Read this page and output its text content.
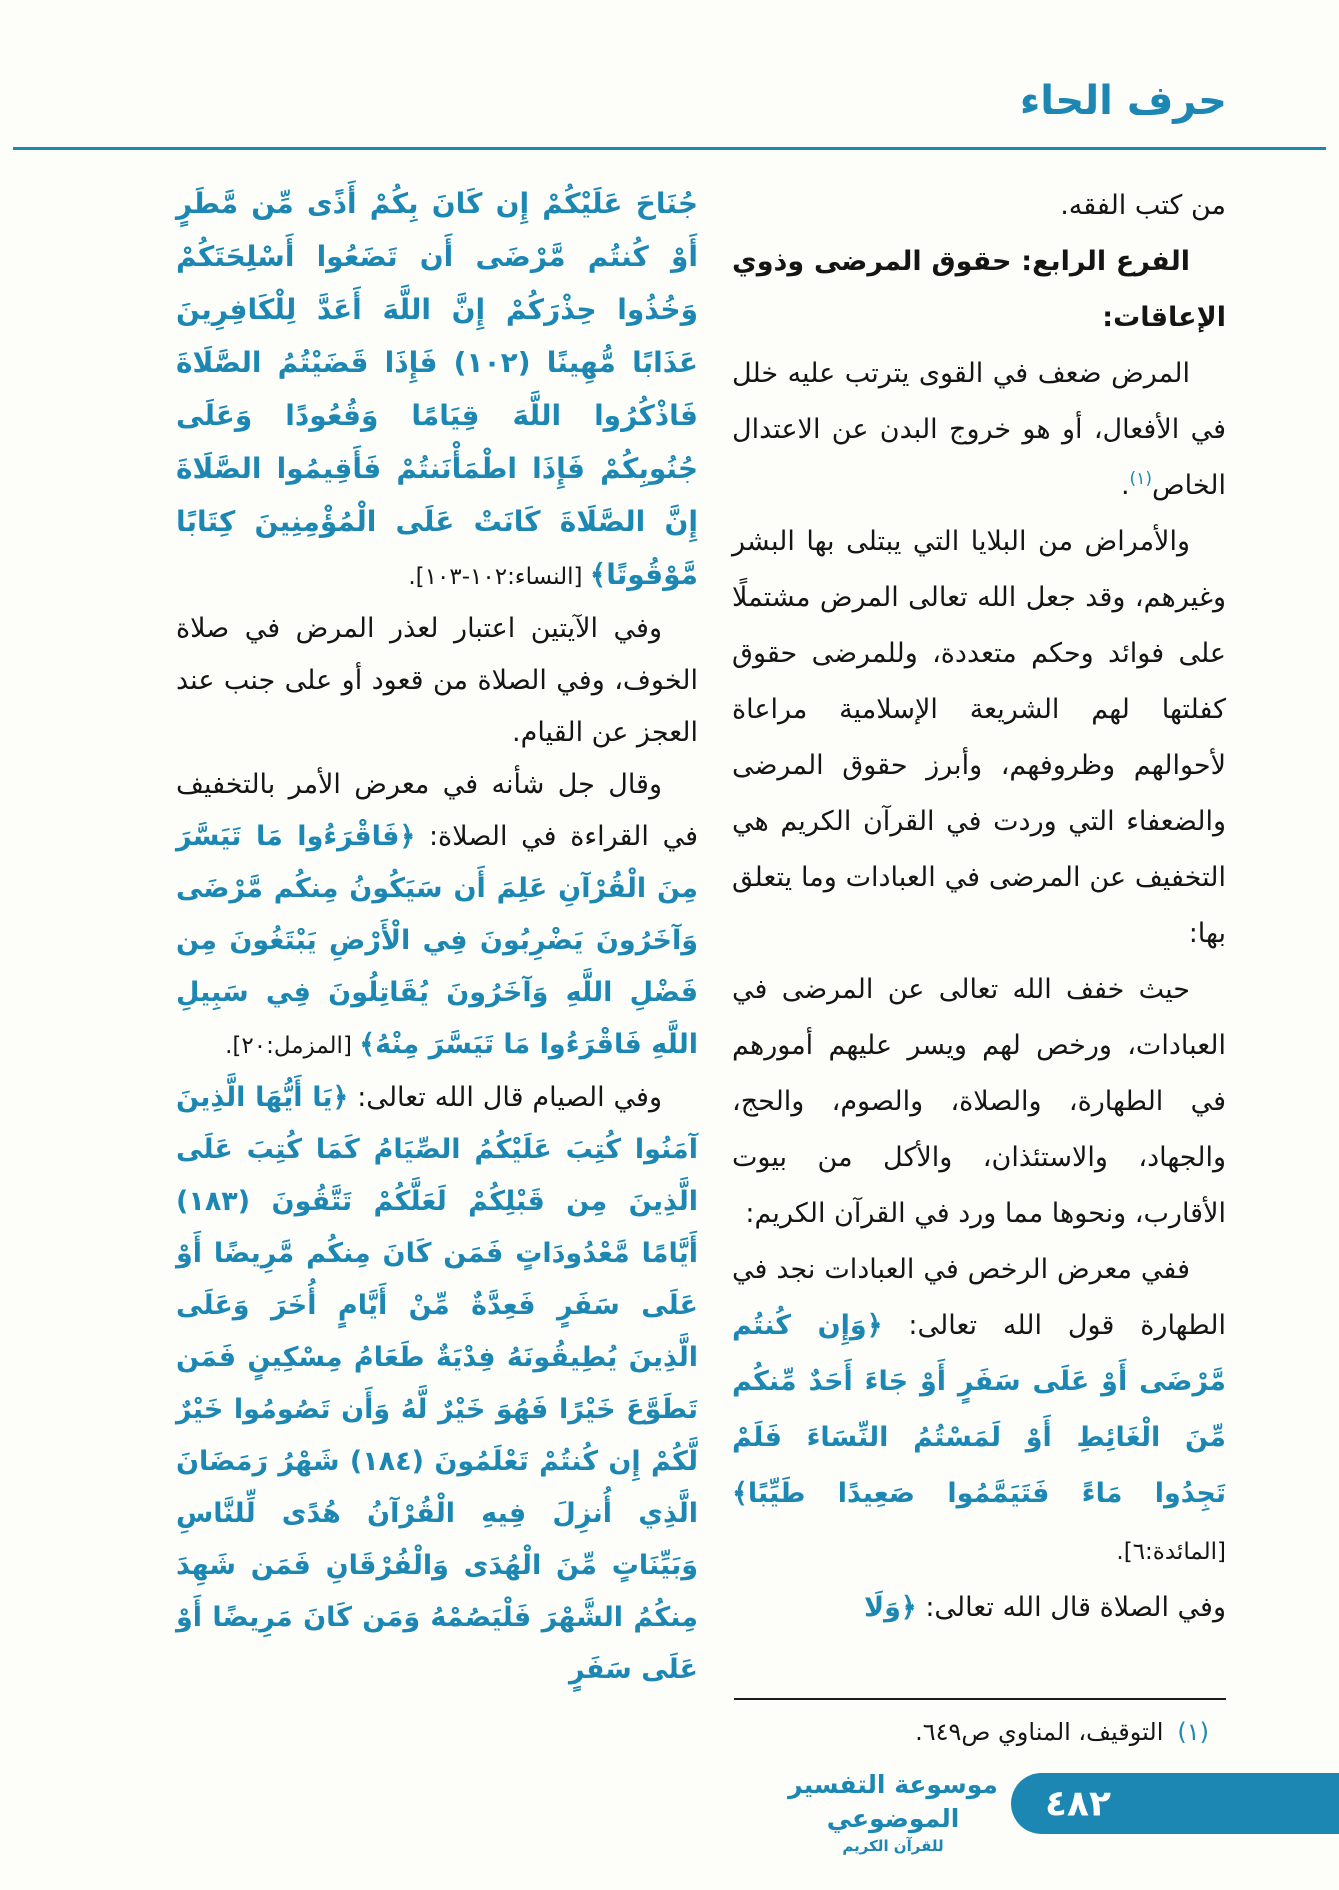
حرف الحاء

من كتب الفقه.

الفرع الرابع: حقوق المرضى وذوي الإعاقات:

المرض ضعف في القوى يترتب عليه خلل في الأفعال، أو هو خروج البدن عن الاعتدال الخاص$^{(١)}$.

والأمراض من البلايا التي يبتلى بها البشر وغيرهم، وقد جعل الله تعالى المرض مشتملًا على فوائد وحكم متعددة، وللمرضى حقوق كفلتها لهم الشريعة الإسلامية مراعاة لأحوالهم وظروفهم، وأبرز حقوق المرضى والضعفاء التي وردت في القرآن الكريم هي التخفيف عن المرضى في العبادات وما يتعلق بها:

حيث خفف الله تعالى عن المرضى في العبادات، ورخص لهم ويسر عليهم أمورهم في الطهارة، والصلاة، والصوم، والحج، والجهاد، والاستئذان، والأكل من بيوت الأقارب، ونحوها مما ورد في القرآن الكريم:

ففي معرض الرخص في العبادات نجد في الطهارة قول الله تعالى: ﴿وَإِن كُنتُم مَّرْضَى أَوْ عَلَى سَفَرٍ أَوْ جَاءَ أَحَدٌ مِّنكُم مِّنَ الْغَائِطِ أَوْ لَمَسْتُمُ النِّسَاءَ فَلَمْ تَجِدُوا مَاءً فَتَيَمَّمُوا صَعِيدًا طَيِّبًا﴾ [المائدة:٦].

وفي الصلاة قال الله تعالى: ﴿وَلَا

جُنَاحَ عَلَيْكُمْ إِن كَانَ بِكُمْ أَذًى مِّن مَّطَرٍ أَوْ كُنتُم مَّرْضَى أَن تَضَعُوا أَسْلِحَتَكُمْ وَخُذُوا حِذْرَكُمْ إِنَّ اللَّهَ أَعَدَّ لِلْكَافِرِينَ عَذَابًا مُّهِينًا (١٠٢) فَإِذَا قَضَيْتُمُ الصَّلَاةَ فَاذْكُرُوا اللَّهَ قِيَامًا وَقُعُودًا وَعَلَى جُنُوبِكُمْ فَإِذَا اطْمَأْنَنتُمْ فَأَقِيمُوا الصَّلَاةَ إِنَّ الصَّلَاةَ كَانَتْ عَلَى الْمُؤْمِنِينَ كِتَابًا مَّوْقُوتًا﴾ [النساء:١٠٢-١٠٣].

وفي الآيتين اعتبار لعذر المرض في صلاة الخوف، وفي الصلاة من قعود أو على جنب عند العجز عن القيام.

وقال جل شأنه في معرض الأمر بالتخفيف في القراءة في الصلاة: ﴿فَاقْرَءُوا مَا تَيَسَّرَ مِنَ الْقُرْآنِ عَلِمَ أَن سَيَكُونُ مِنكُم مَّرْضَى وَآخَرُونَ يَضْرِبُونَ فِي الْأَرْضِ يَبْتَغُونَ مِن فَضْلِ اللَّهِ وَآخَرُونَ يُقَاتِلُونَ فِي سَبِيلِ اللَّهِ فَاقْرَءُوا مَا تَيَسَّرَ مِنْهُ﴾ [المزمل:٢٠].

وفي الصيام قال الله تعالى: ﴿يَا أَيُّهَا الَّذِينَ آمَنُوا كُتِبَ عَلَيْكُمُ الصِّيَامُ كَمَا كُتِبَ عَلَى الَّذِينَ مِن قَبْلِكُمْ لَعَلَّكُمْ تَتَّقُونَ (١٨٣) أَيَّامًا مَّعْدُودَاتٍ فَمَن كَانَ مِنكُم مَّرِيضًا أَوْ عَلَى سَفَرٍ فَعِدَّةٌ مِّنْ أَيَّامٍ أُخَرَ وَعَلَى الَّذِينَ يُطِيقُونَهُ فِدْيَةٌ طَعَامُ مِسْكِينٍ فَمَن تَطَوَّعَ خَيْرًا فَهُوَ خَيْرٌ لَّهُ وَأَن تَصُومُوا خَيْرٌ لَّكُمْ إِن كُنتُمْ تَعْلَمُونَ (١٨٤) شَهْرُ رَمَضَانَ الَّذِي أُنزِلَ فِيهِ الْقُرْآنُ هُدًى لِّلنَّاسِ وَبَيِّنَاتٍ مِّنَ الْهُدَى وَالْفُرْقَانِ فَمَن شَهِدَ مِنكُمُ الشَّهْرَ فَلْيَصُمْهُ وَمَن كَانَ مَرِيضًا أَوْ عَلَى سَفَرٍ

(١)التوقيف، المناوي ص٦٤٩.
موسوعة التفسير الموضوعي
للقرآن الكريم
٤٨٢
